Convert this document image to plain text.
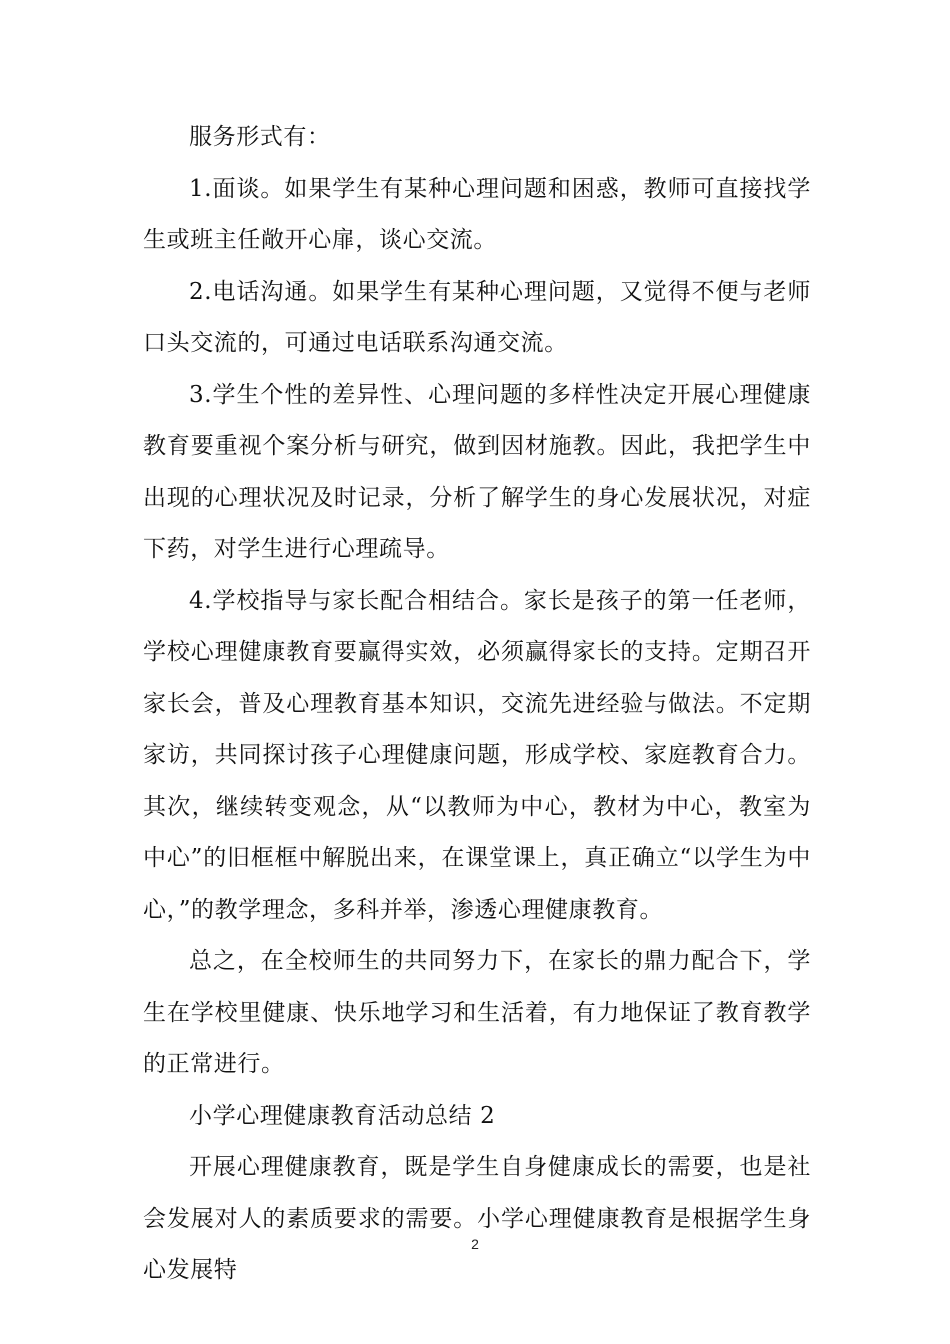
服务形式有：

1.面谈。如果学生有某种心理问题和困惑，教师可直接找学生或班主任敞开心扉，谈心交流。

2.电话沟通。如果学生有某种心理问题，又觉得不便与老师口头交流的，可通过电话联系沟通交流。

3.学生个性的差异性、心理问题的多样性决定开展心理健康教育要重视个案分析与研究，做到因材施教。因此，我把学生中出现的心理状况及时记录，分析了解学生的身心发展状况，对症下药，对学生进行心理疏导。

4.学校指导与家长配合相结合。家长是孩子的第一任老师，学校心理健康教育要赢得实效，必须赢得家长的支持。定期召开家长会，普及心理教育基本知识，交流先进经验与做法。不定期家访，共同探讨孩子心理健康问题，形成学校、家庭教育合力。其次，继续转变观念，从“以教师为中心，教材为中心，教室为中心”的旧框框中解脱出来，在课堂课上，真正确立“以学生为中心，”的教学理念，多科并举，渗透心理健康教育。

总之，在全校师生的共同努力下，在家长的鼎力配合下，学生在学校里健康、快乐地学习和生活着，有力地保证了教育教学的正常进行。

小学心理健康教育活动总结 2

开展心理健康教育，既是学生自身健康成长的需要，也是社会发展对人的素质要求的需要。小学心理健康教育是根据学生身心发展特

2
